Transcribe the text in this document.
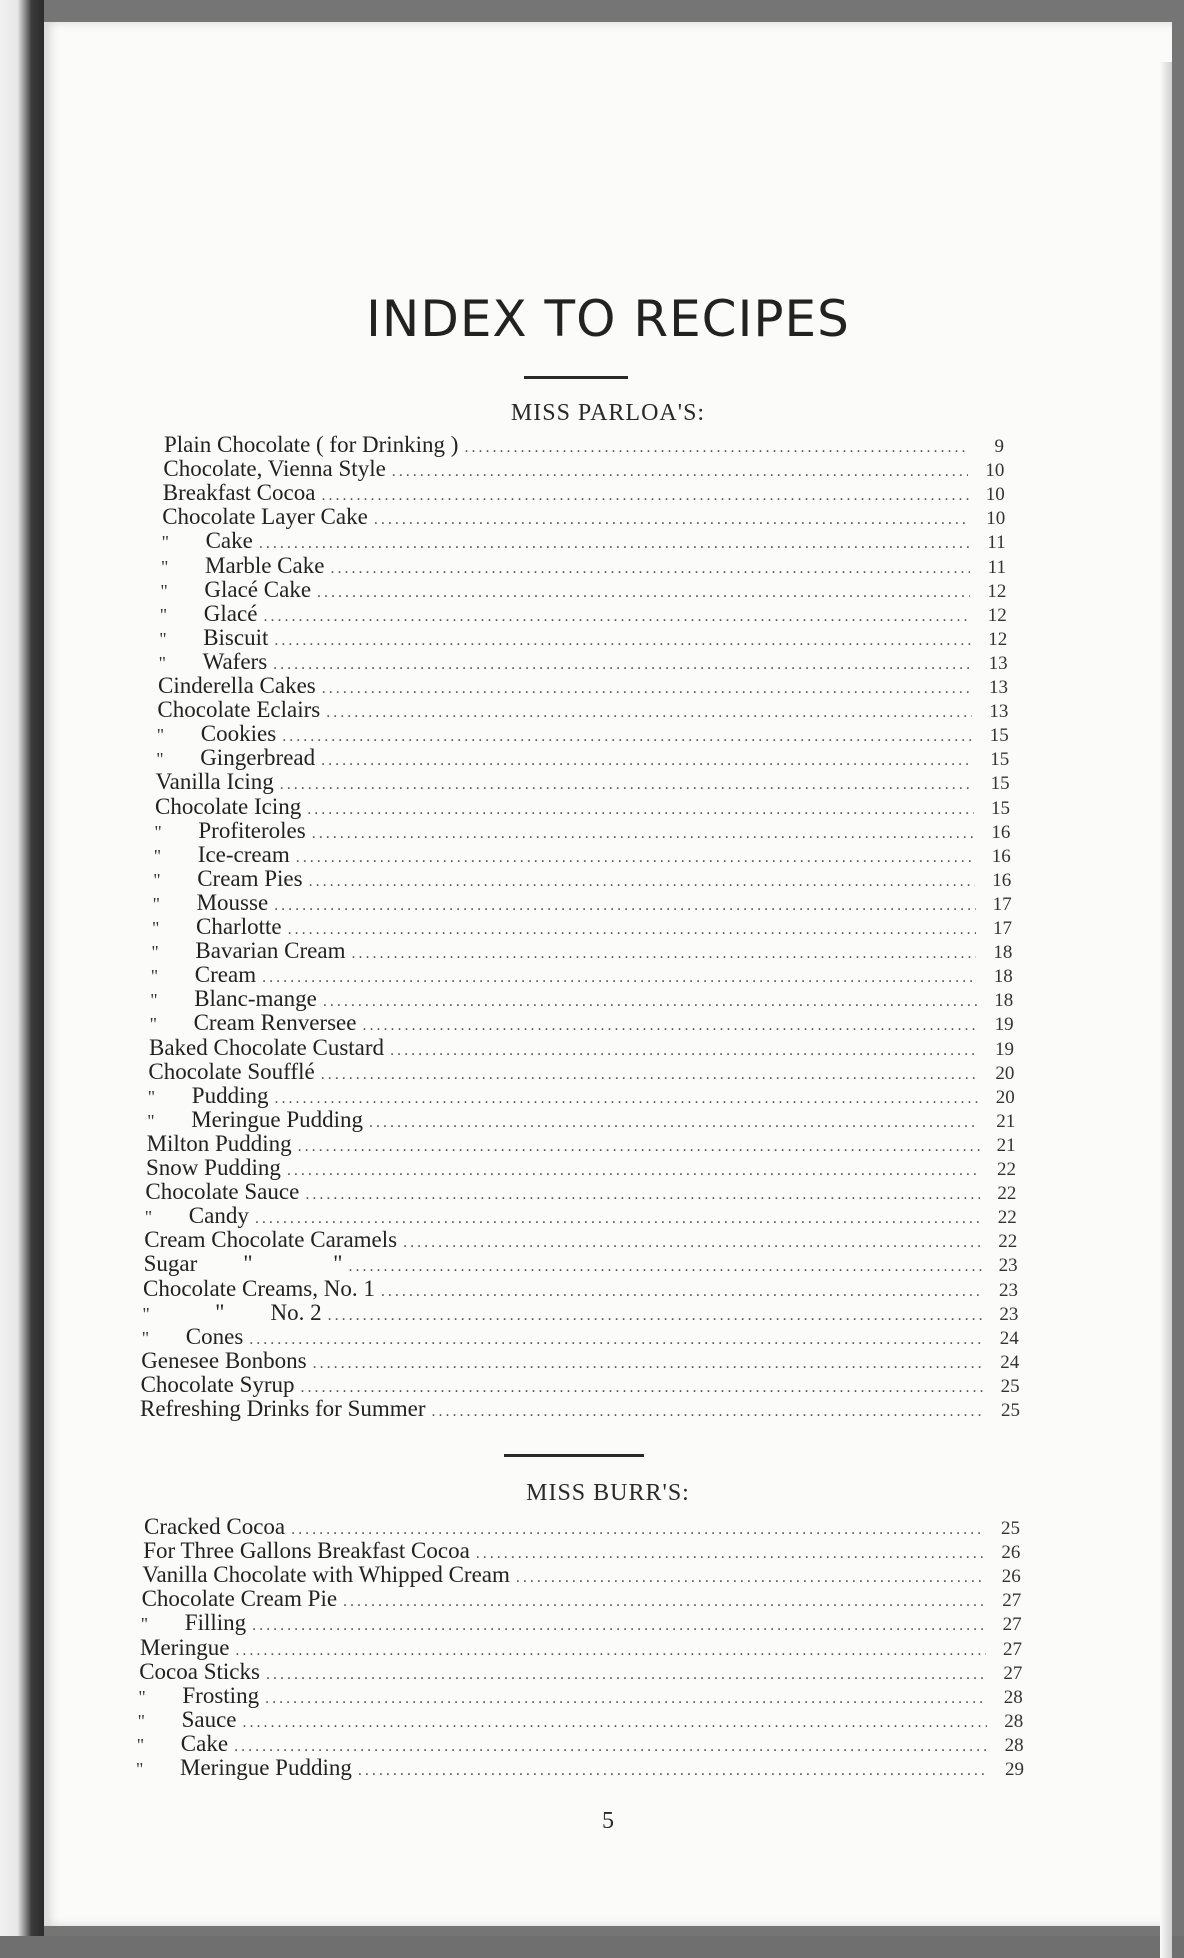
INDEX TO RECIPES
MISS PARLOA'S:
MISS BURR'S:
Plain Chocolate ( for Drinking ) .....	9
Chocolate, Vienna Style .....	10
Breakfast Cocoa .....	10
Chocolate Layer Cake .....	10
"	Cake .....	11
"	Marble Cake .....	11
"	Glacé Cake .....	12
"	Glacé .....	12
"	Biscuit .....	12
"	Wafers .....	13
Cinderella Cakes .....	13
Chocolate Eclairs .....	13
"	Cookies .....	15
"	Gingerbread .....	15
Vanilla Icing .....	15
Chocolate Icing .....	15
"	Profiteroles .....	16
"	Ice-cream .....	16
"	Cream Pies .....	16
"	Mousse .....	17
"	Charlotte .....	17
"	Bavarian Cream .....	18
"	Cream .....	18
"	Blanc-mange .....	18
"	Cream Renversee .....	19
Baked Chocolate Custard .....	19
Chocolate Soufflé .....	20
"	Pudding .....	20
"	Meringue Pudding .....	21
Milton Pudding .....	21
Snow Pudding .....	22
Chocolate Sauce .....	22
"	Candy .....	22
Cream Chocolate Caramels .....	22
Sugar        "              " .....	23
Chocolate Creams, No. 1 .....	23
"	"        No. 2 .....	23
"	Cones .....	24
Genesee Bonbons .....	24
Chocolate Syrup .....	25
Refreshing Drinks for Summer .....	25
Cracked Cocoa .....	25
For Three Gallons Breakfast Cocoa .....	26
Vanilla Chocolate with Whipped Cream .....	26
Chocolate Cream Pie .....	27
"	Filling .....	27
Meringue .....	27
Cocoa Sticks .....	27
"	Frosting .....	28
"	Sauce .....	28
"	Cake .....	28
"	Meringue Pudding .....	29
5
